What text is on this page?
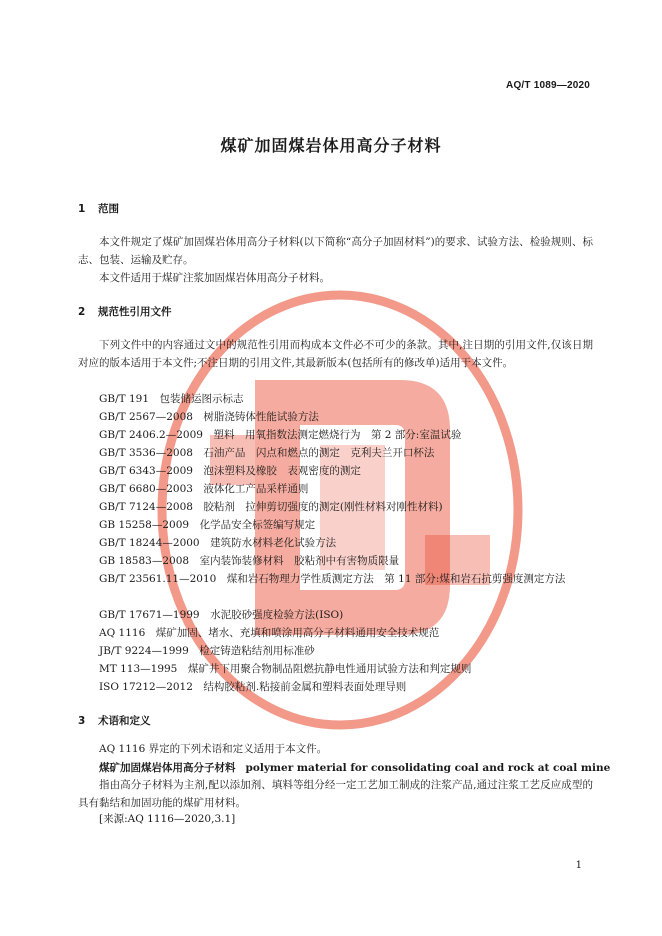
AQ/T 1089—2020
煤矿加固煤岩体用高分子材料
1 范围
本文件规定了煤矿加固煤岩体用高分子材料(以下简称“高分子加固材料”)的要求、试验方法、检验规则、标志、包装、运输及贮存。
本文件适用于煤矿注浆加固煤岩体用高分子材料。
2 规范性引用文件
下列文件中的内容通过文中的规范性引用而构成本文件必不可少的条款。其中,注日期的引用文件,仅该日期对应的版本适用于本文件;不注日期的引用文件,其最新版本(包括所有的修改单)适用于本文件。
GB/T 191　包装储运图示标志
GB/T 2567—2008　树脂浇铸体性能试验方法
GB/T 2406.2—2009　塑料　用氧指数法测定燃烧行为　第 2 部分:室温试验
GB/T 3536—2008　石油产品　闪点和燃点的测定　克利夫兰开口杯法
GB/T 6343—2009　泡沫塑料及橡胶　表观密度的测定
GB/T 6680—2003　液体化工产品采样通则
GB/T 7124—2008　胶粘剂　拉伸剪切强度的测定(刚性材料对刚性材料)
GB 15258—2009　化学品安全标签编写规定
GB/T 18244—2000　建筑防水材料老化试验方法
GB 18583—2008　室内装饰装修材料　胶粘剂中有害物质限量
GB/T 23561.11—2010　煤和岩石物理力学性质测定方法　第 11 部分:煤和岩石抗剪强度测定方法
GB/T 17671—1999　水泥胶砂强度检验方法(ISO)
AQ 1116　煤矿加固、堵水、充填和喷涂用高分子材料通用安全技术规范
JB/T 9224—1999　检定铸造粘结剂用标准砂
MT 113—1995　煤矿井下用聚合物制品阻燃抗静电性通用试验方法和判定规则
ISO 17212—2012　结构胶粘剂.粘接前金属和塑料表面处理导则
3 术语和定义
AQ 1116 界定的下列术语和定义适用于本文件。
煤矿加固煤岩体用高分子材料 polymer material for consolidating coal and rock at coal mine
指由高分子材料为主剂,配以添加剂、填料等组分经一定工艺加工制成的注浆产品,通过注浆工艺反应成型的具有黏结和加固功能的煤矿用材料。
[来源:AQ 1116—2020,3.1]
1
